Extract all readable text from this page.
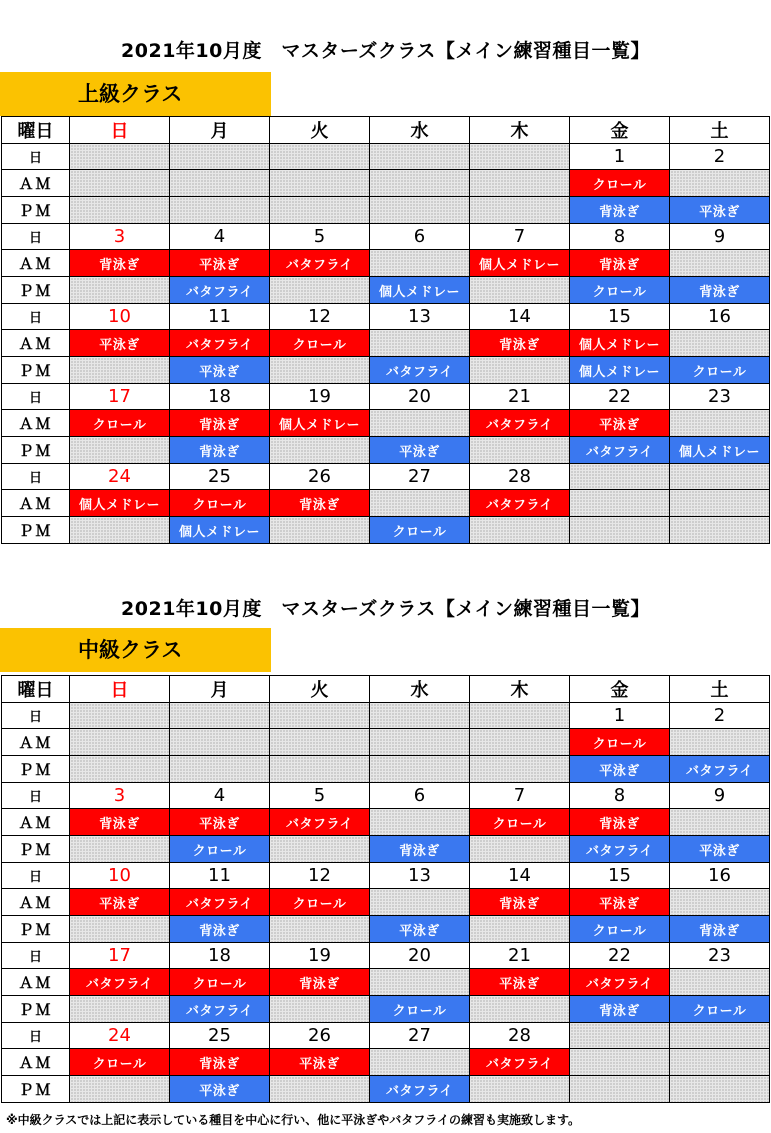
2021年10月度　マスターズクラス【メイン練習種目一覧】
上級クラス
曜日	日	月	火	水	木	金	土
日						1	2
ＡＭ						クロール	
ＰＭ						背泳ぎ	平泳ぎ
日	3	4	5	6	7	8	9
ＡＭ	背泳ぎ	平泳ぎ	バタフライ		個人メドレー	背泳ぎ	
ＰＭ		バタフライ		個人メドレー		クロール	背泳ぎ
日	10	11	12	13	14	15	16
ＡＭ	平泳ぎ	バタフライ	クロール		背泳ぎ	個人メドレー	
ＰＭ		平泳ぎ		バタフライ		個人メドレー	クロール
日	17	18	19	20	21	22	23
ＡＭ	クロール	背泳ぎ	個人メドレー		バタフライ	平泳ぎ	
ＰＭ		背泳ぎ		平泳ぎ		バタフライ	個人メドレー
日	24	25	26	27	28		
ＡＭ	個人メドレー	クロール	背泳ぎ		バタフライ		
ＰＭ		個人メドレー		クロール			
2021年10月度　マスターズクラス【メイン練習種目一覧】
中級クラス
曜日	日	月	火	水	木	金	土
日						1	2
ＡＭ						クロール	
ＰＭ						平泳ぎ	バタフライ
日	3	4	5	6	7	8	9
ＡＭ	背泳ぎ	平泳ぎ	バタフライ		クロール	背泳ぎ	
ＰＭ		クロール		背泳ぎ		バタフライ	平泳ぎ
日	10	11	12	13	14	15	16
ＡＭ	平泳ぎ	バタフライ	クロール		背泳ぎ	平泳ぎ	
ＰＭ		背泳ぎ		平泳ぎ		クロール	背泳ぎ
日	17	18	19	20	21	22	23
ＡＭ	バタフライ	クロール	背泳ぎ		平泳ぎ	バタフライ	
ＰＭ		バタフライ		クロール		背泳ぎ	クロール
日	24	25	26	27	28		
ＡＭ	クロール	背泳ぎ	平泳ぎ		バタフライ		
ＰＭ		平泳ぎ		バタフライ			
※中級クラスでは上記に表示している種目を中心に行い、他に平泳ぎやバタフライの練習も実施致します。
